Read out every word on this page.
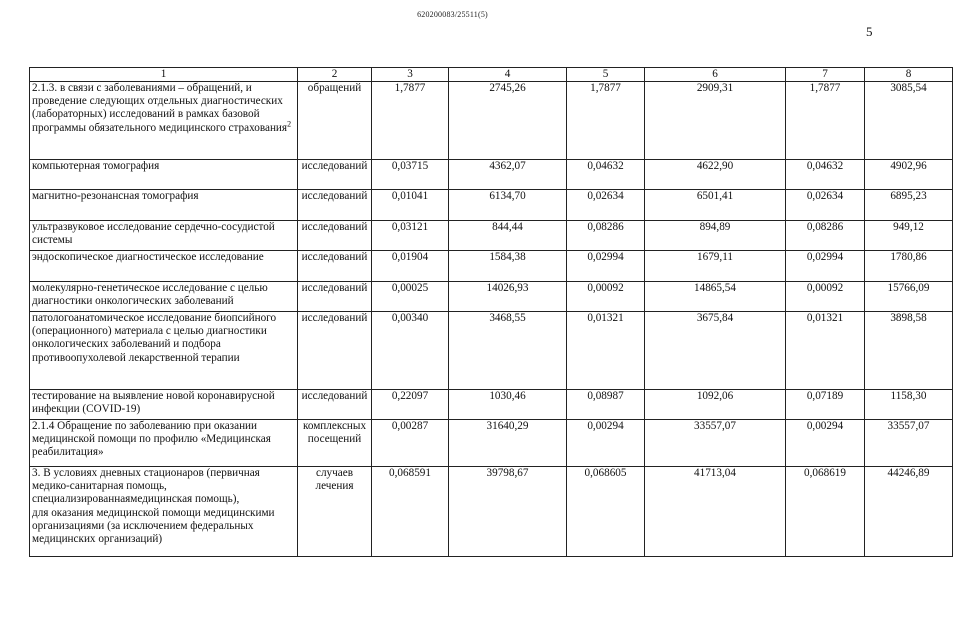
620200083/25511(5)
5
1	2	3	4	5	6	7	8
2.1.3. в связи с заболеваниями – обращений, и проведение следующих отдельных диагностических (лабораторных) исследований в рамках базовой программы обязательного медицинского страхования$^2$	обращений	1,7877	2745,26	1,7877	2909,31	1,7877	3085,54
компьютерная томография	исследований	0,03715	4362,07	0,04632	4622,90	0,04632	4902,96
магнитно-резонансная томография	исследований	0,01041	6134,70	0,02634	6501,41	0,02634	6895,23
ультразвуковое исследование сердечно-сосудистой системы	исследований	0,03121	844,44	0,08286	894,89	0,08286	949,12
эндоскопическое диагностическое исследование	исследований	0,01904	1584,38	0,02994	1679,11	0,02994	1780,86
молекулярно-генетическое исследование с целью диагностики онкологических заболеваний	исследований	0,00025	14026,93	0,00092	14865,54	0,00092	15766,09
патологоанатомическое исследование биопсийного (операционного) материала с целью диагностики онкологических заболеваний и подбора противоопухолевой лекарственной терапии	исследований	0,00340	3468,55	0,01321	3675,84	0,01321	3898,58
тестирование на выявление новой коронавирусной инфекции (COVID-19)	исследований	0,22097	1030,46	0,08987	1092,06	0,07189	1158,30
2.1.4 Обращение по заболеванию при оказании медицинской помощи по профилю «Медицинская реабилитация»	комплексных посещений	0,00287	31640,29	0,00294	33557,07	0,00294	33557,07
3. В условиях дневных стационаров (первичная медико-санитарная помощь, специализированнаямедицинская помощь),
для оказания медицинской помощи медицинскими организациями (за исключением федеральных медицинских организаций)	случаев лечения	0,068591	39798,67	0,068605	41713,04	0,068619	44246,89
